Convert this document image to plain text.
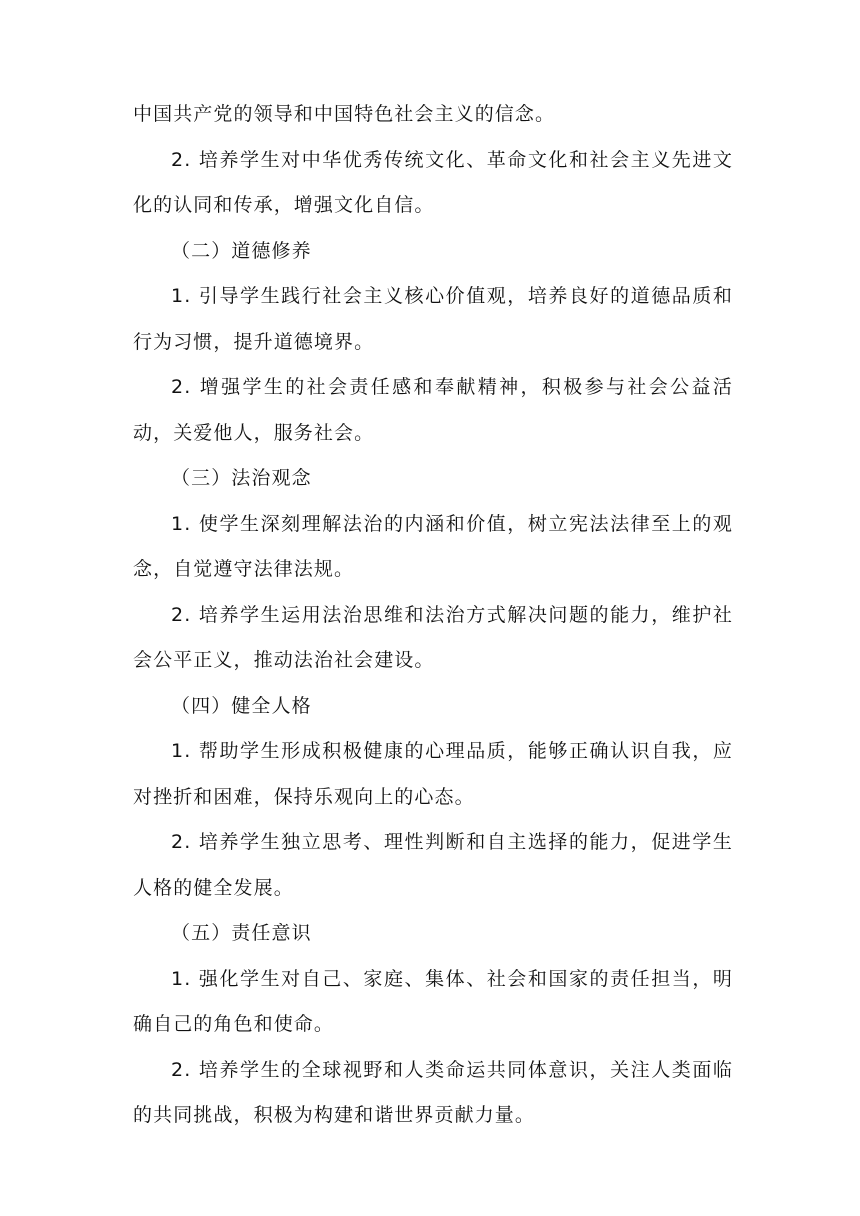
中国共产党的领导和中国特色社会主义的信念。

2. 培养学生对中华优秀传统文化、革命文化和社会主义先进文化的认同和传承，增强文化自信。

（二）道德修养

1. 引导学生践行社会主义核心价值观，培养良好的道德品质和行为习惯，提升道德境界。

2. 增强学生的社会责任感和奉献精神，积极参与社会公益活动，关爱他人，服务社会。

（三）法治观念

1. 使学生深刻理解法治的内涵和价值，树立宪法法律至上的观念，自觉遵守法律法规。

2. 培养学生运用法治思维和法治方式解决问题的能力，维护社会公平正义，推动法治社会建设。

（四）健全人格

1. 帮助学生形成积极健康的心理品质，能够正确认识自我，应对挫折和困难，保持乐观向上的心态。

2. 培养学生独立思考、理性判断和自主选择的能力，促进学生人格的健全发展。

（五）责任意识

1. 强化学生对自己、家庭、集体、社会和国家的责任担当，明确自己的角色和使命。

2. 培养学生的全球视野和人类命运共同体意识，关注人类面临的共同挑战，积极为构建和谐世界贡献力量。
